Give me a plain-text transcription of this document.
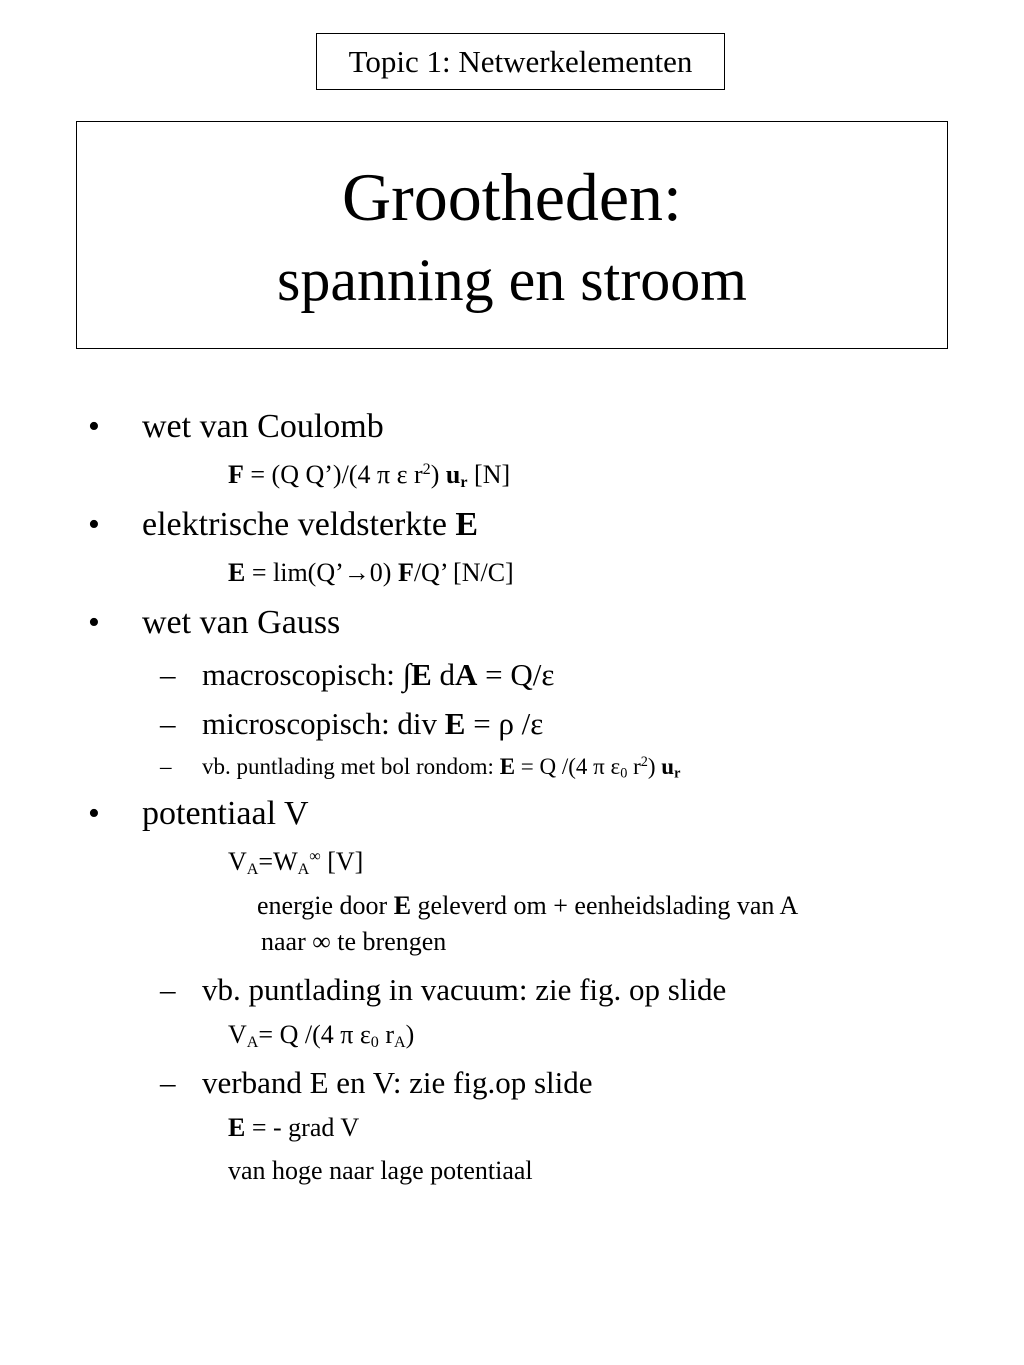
Topic 1: Netwerkelementen
Grootheden:
spanning en stroom
• wet van Coulomb
F = (Q Q’)/(4 π ε $r^2$) $u_r$ [N]
• elektrische veldsterkte E
E = lim(Q’→0) F/Q’ [N/C]
• wet van Gauss
– macroscopisch: ∫E dA = Q/ε
– microscopisch: div E = ρ /ε
– vb. puntlading met bol rondom: E = Q /(4 π $\varepsilon_0$ $r^2$) $u_r$
• potentiaal V
$V_A=W_A^\infty$ [V]
energie door E geleverd om + eenheidslading van A
naar ∞ te brengen
– vb. puntlading in vacuum: zie fig. op slide
$V_A= Q$ /(4 π $\varepsilon_0$ $r_A$)
– verband E en V: zie fig.op slide
E = - grad V
van hoge naar lage potentiaal
